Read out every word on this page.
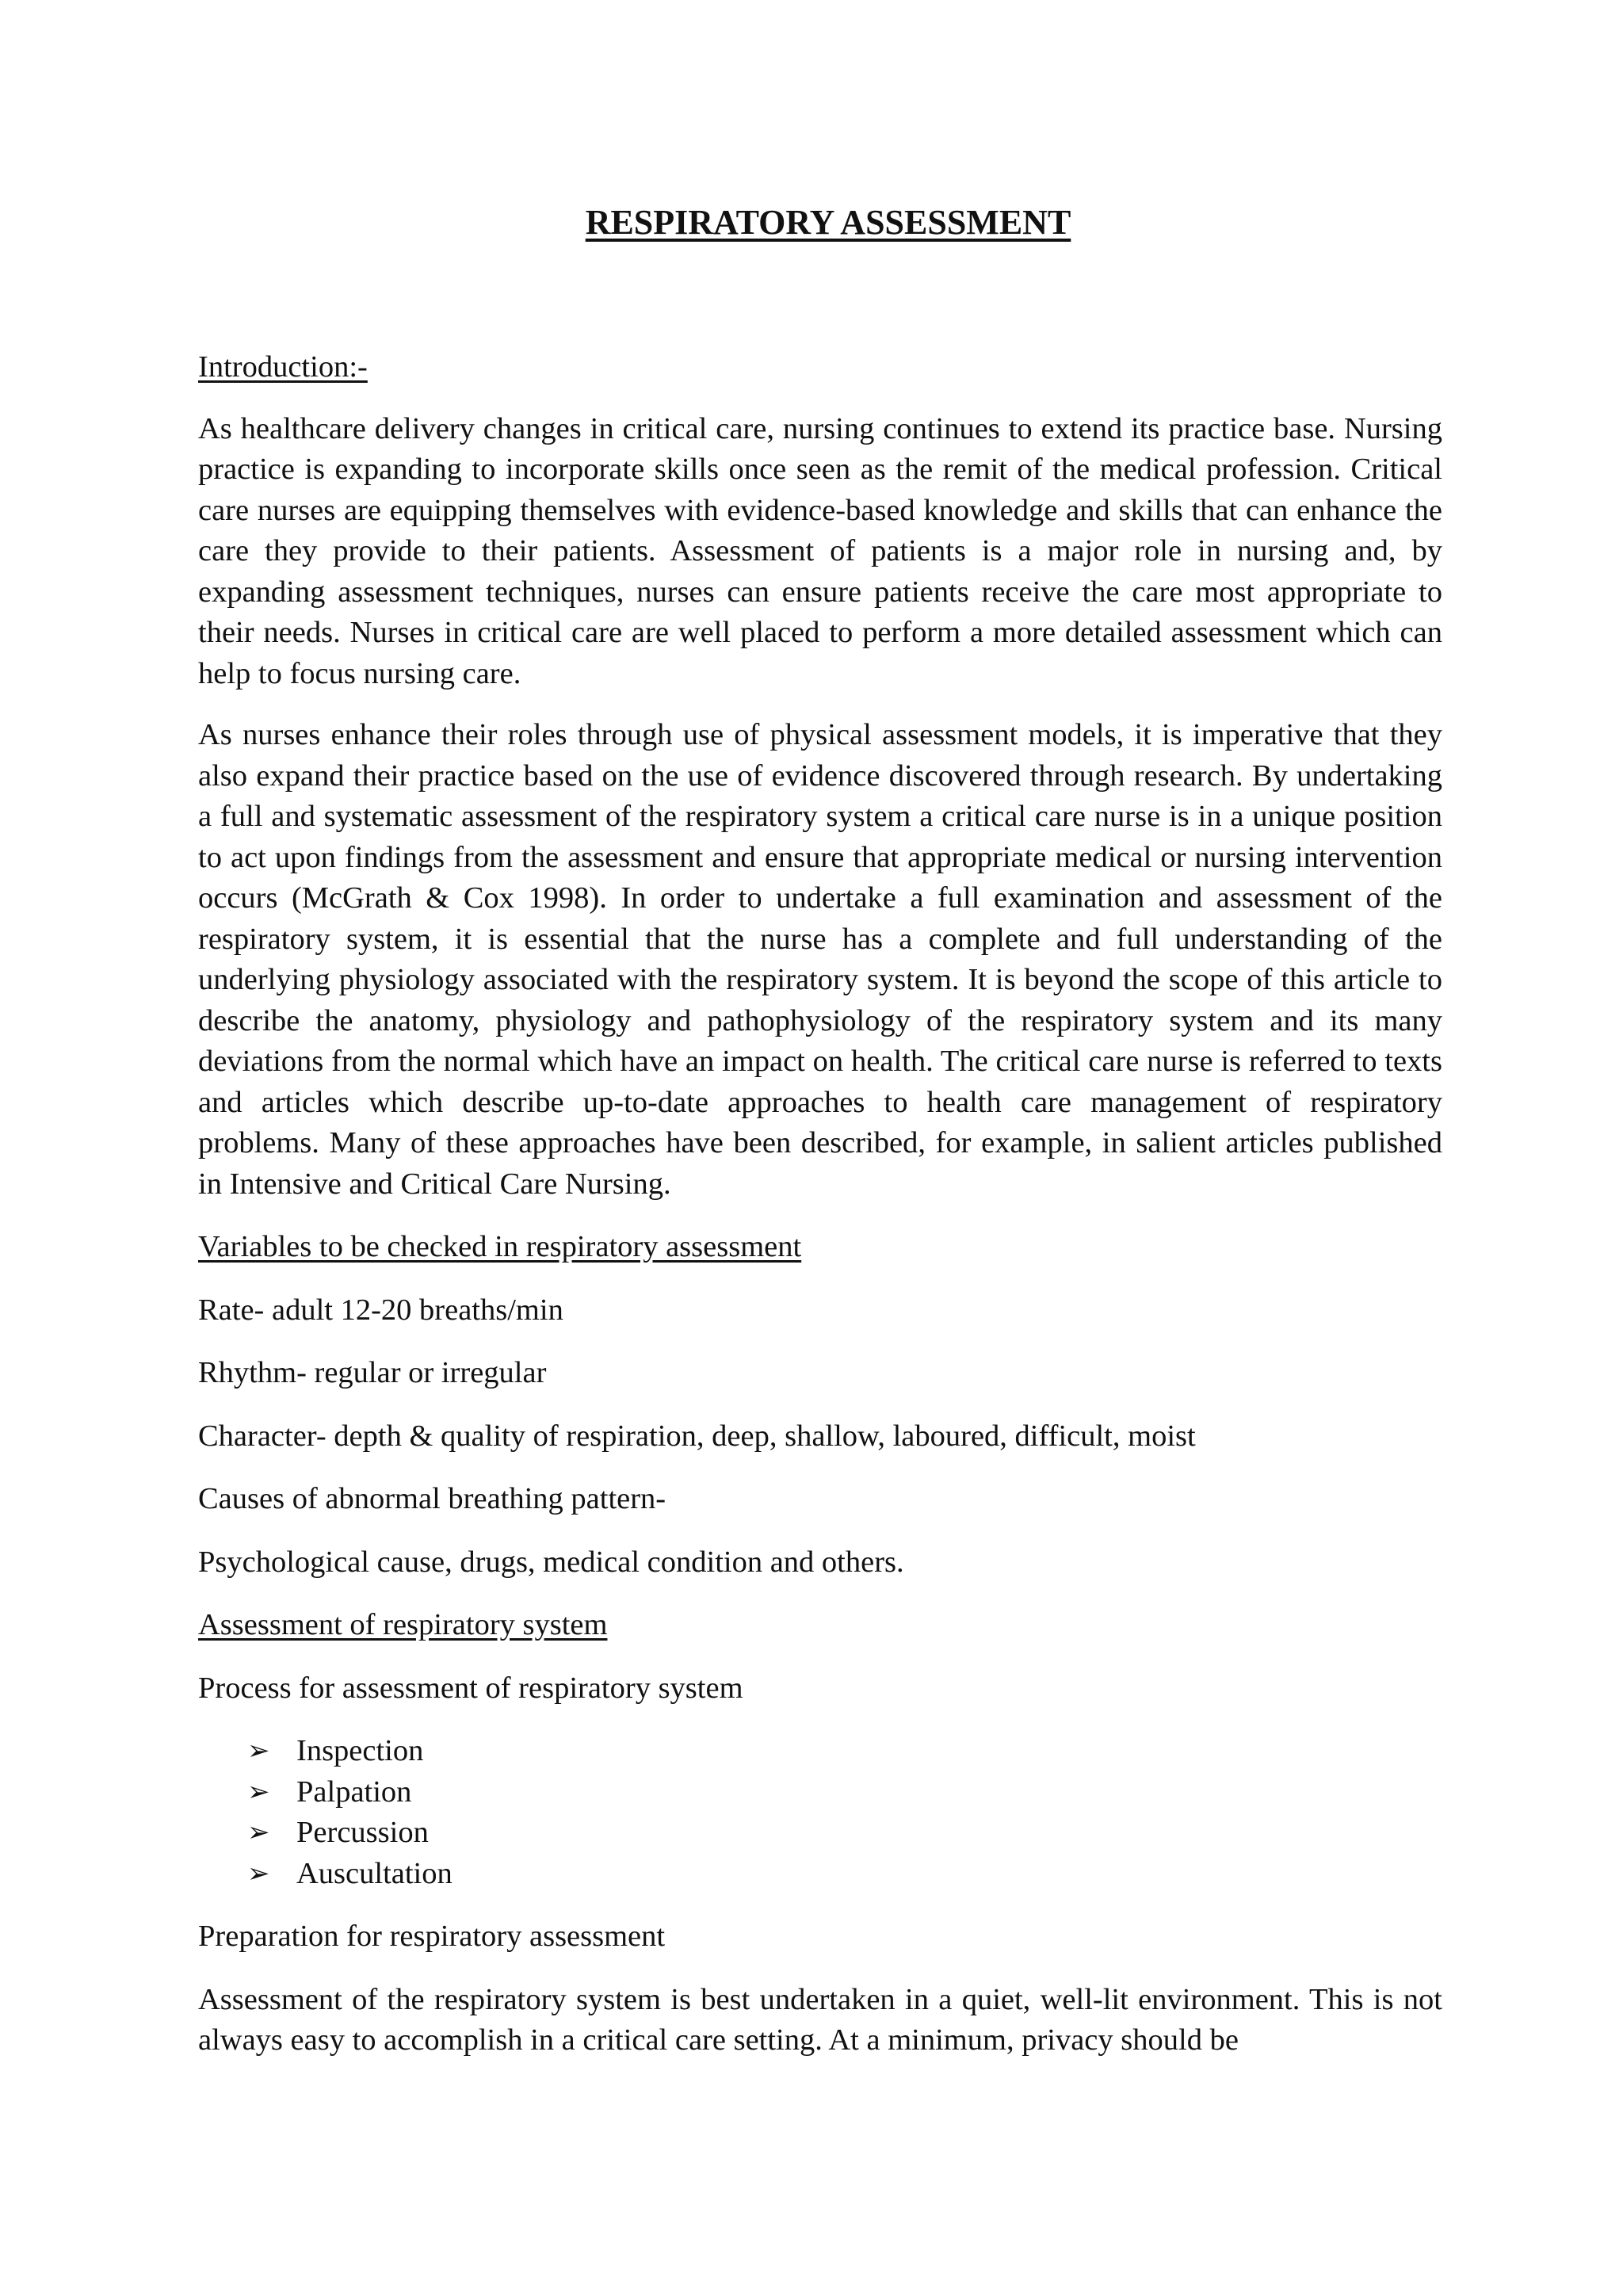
RESPIRATORY ASSESSMENT

Introduction:-

As healthcare delivery changes in critical care, nursing continues to extend its practice base. Nursing practice is expanding to incorporate skills once seen as the remit of the medical profession. Critical care nurses are equipping themselves with evidence-based knowledge and skills that can enhance the care they provide to their patients. Assessment of patients is a major role in nursing and, by expanding assessment techniques, nurses can ensure patients receive the care most appropriate to their needs. Nurses in critical care are well placed to perform a more detailed assessment which can help to focus nursing care.

As nurses enhance their roles through use of physical assessment models, it is imperative that they also expand their practice based on the use of evidence discovered through research. By undertaking a full and systematic assessment of the respiratory system a critical care nurse is in a unique position to act upon findings from the assessment and ensure that appropriate medical or nursing intervention occurs (McGrath & Cox 1998). In order to undertake a full examination and assessment of the respiratory system, it is essential that the nurse has a complete and full understanding of the underlying physiology associated with the respiratory system. It is beyond the scope of this article to describe the anatomy, physiology and pathophysiology of the respiratory system and its many deviations from the normal which have an impact on health. The critical care nurse is referred to texts and articles which describe up-to-date approaches to health care management of respiratory problems. Many of these approaches have been described, for example, in salient articles published in Intensive and Critical Care Nursing.

Variables to be checked in respiratory assessment

Rate- adult 12-20 breaths/min

Rhythm- regular or irregular

Character- depth & quality of respiration, deep, shallow, laboured, difficult, moist

Causes of abnormal breathing pattern-

Psychological cause, drugs, medical condition and others.

Assessment of respiratory system

Process for assessment of respiratory system

➢ Inspection
➢ Palpation
➢ Percussion
➢ Auscultation

Preparation for respiratory assessment

Assessment of the respiratory system is best undertaken in a quiet, well-lit environment. This is not always easy to accomplish in a critical care setting. At a minimum, privacy should be
